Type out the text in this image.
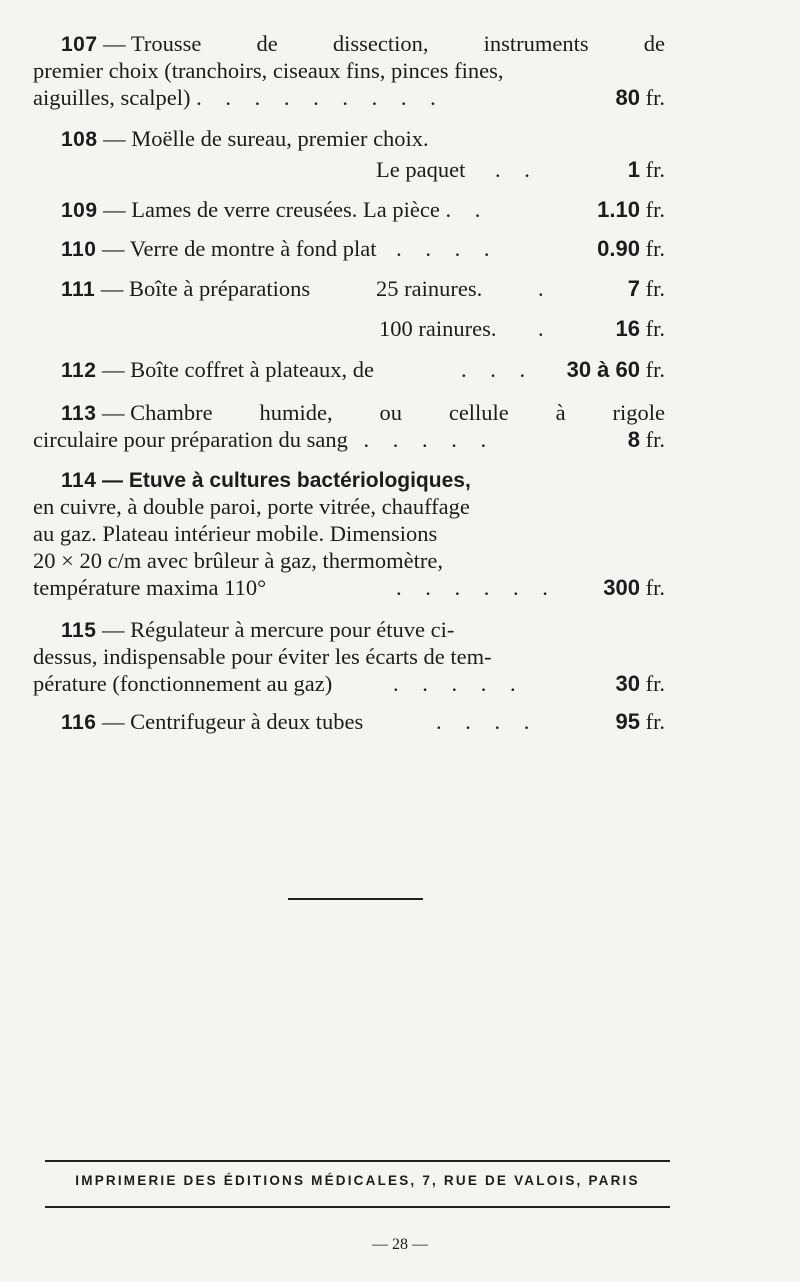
107 — Trousse de dissection, instruments de
premier choix (tranchoirs, ciseaux fins, pinces fines,
aiguilles, scalpel) . . . . . . . . .	80 fr.
108 — Moëlle de sureau, premier choix.
Le paquet . .	1 fr.
109 — Lames de verre creusées. La pièce . .	1.10 fr.
110 — Verre de montre à fond plat . . . .	0.90 fr.
111 — Boîte à préparations	25 rainures. .	7 fr.
100 rainures. .	16 fr.
112 — Boîte coffret à plateaux, de	. . . 30 à 60 fr.
113 — Chambre humide, ou cellule à rigole
circulaire pour préparation du sang . . . . .	8 fr.
114 — Etuve à cultures bactériologiques,
en cuivre, à double paroi, porte vitrée, chauffage
au gaz. Plateau intérieur mobile. Dimensions
20 × 20 c/m avec brûleur à gaz, thermomètre,
température maxima 110°	. . . . . . 300 fr.
115 — Régulateur à mercure pour étuve ci-
dessus, indispensable pour éviter les écarts de tem-
pérature (fonctionnement au gaz)	. . . . .	30 fr.
116 — Centrifugeur à deux tubes	. . . .	95 fr.
IMPRIMERIE DES ÉDITIONS MÉDICALES, 7, RUE DE VALOIS, PARIS
— 28 —
